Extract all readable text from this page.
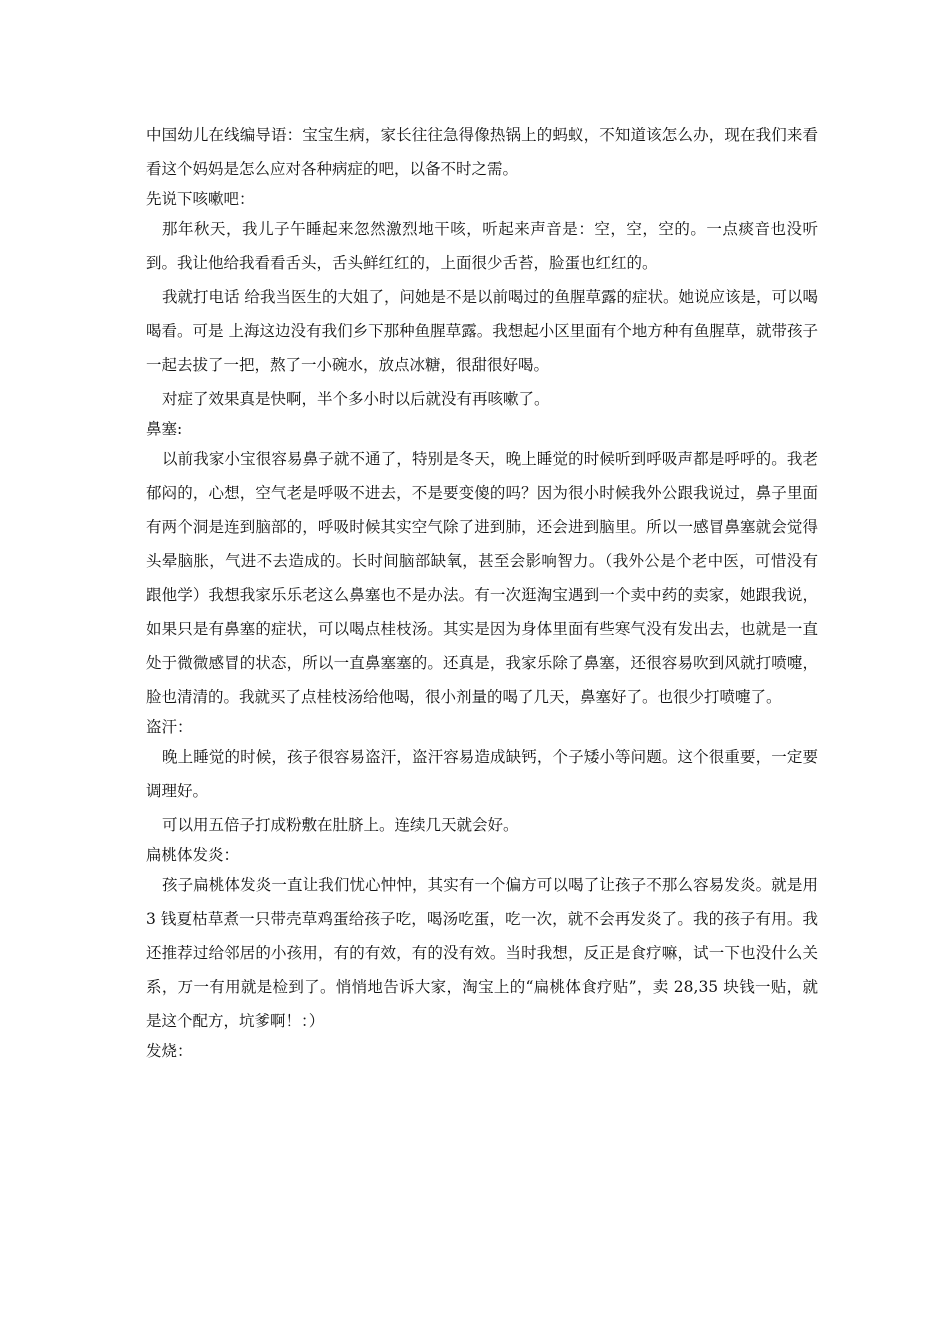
中国幼儿在线编导语：宝宝生病，家长往往急得像热锅上的蚂蚁，不知道该怎么办，现在我们来看看这个妈妈是怎么应对各种病症的吧，以备不时之需。

先说下咳嗽吧：

那年秋天，我儿子午睡起来忽然激烈地干咳，听起来声音是：空，空，空的。一点痰音也没听到。我让他给我看看舌头，舌头鲜红红的，上面很少舌苔，脸蛋也红红的。

我就打电话 给我当医生的大姐了，问她是不是以前喝过的鱼腥草露的症状。她说应该是，可以喝喝看。可是 上海这边没有我们乡下那种鱼腥草露。我想起小区里面有个地方种有鱼腥草，就带孩子一起去拔了一把，熬了一小碗水，放点冰糖，很甜很好喝。

对症了效果真是快啊，半个多小时以后就没有再咳嗽了。

鼻塞:

以前我家小宝很容易鼻子就不通了，特别是冬天，晚上睡觉的时候听到呼吸声都是呼呼的。我老郁闷的，心想，空气老是呼吸不进去，不是要变傻的吗？因为很小时候我外公跟我说过，鼻子里面有两个洞是连到脑部的，呼吸时候其实空气除了进到肺，还会进到脑里。所以一感冒鼻塞就会觉得头晕脑胀，气进不去造成的。长时间脑部缺氧，甚至会影响智力。（我外公是个老中医，可惜没有跟他学）我想我家乐乐老这么鼻塞也不是办法。有一次逛淘宝遇到一个卖中药的卖家，她跟我说，如果只是有鼻塞的症状，可以喝点桂枝汤。其实是因为身体里面有些寒气没有发出去，也就是一直处于微微感冒的状态，所以一直鼻塞塞的。还真是，我家乐除了鼻塞，还很容易吹到风就打喷嚏，脸也清清的。我就买了点桂枝汤给他喝，很小剂量的喝了几天，鼻塞好了。也很少打喷嚏了。

盗汗：

晚上睡觉的时候，孩子很容易盗汗，盗汗容易造成缺钙，个子矮小等问题。这个很重要，一定要调理好。

可以用五倍子打成粉敷在肚脐上。连续几天就会好。

扁桃体发炎：

孩子扁桃体发炎一直让我们忧心忡忡，其实有一个偏方可以喝了让孩子不那么容易发炎。就是用 3 钱夏枯草煮一只带壳草鸡蛋给孩子吃，喝汤吃蛋，吃一次，就不会再发炎了。我的孩子有用。我还推荐过给邻居的小孩用，有的有效，有的没有效。当时我想，反正是食疗嘛，试一下也没什么关系，万一有用就是检到了。悄悄地告诉大家，淘宝上的“扁桃体食疗贴”，卖 28,35 块钱一贴，就是这个配方，坑爹啊！：）

发烧：
